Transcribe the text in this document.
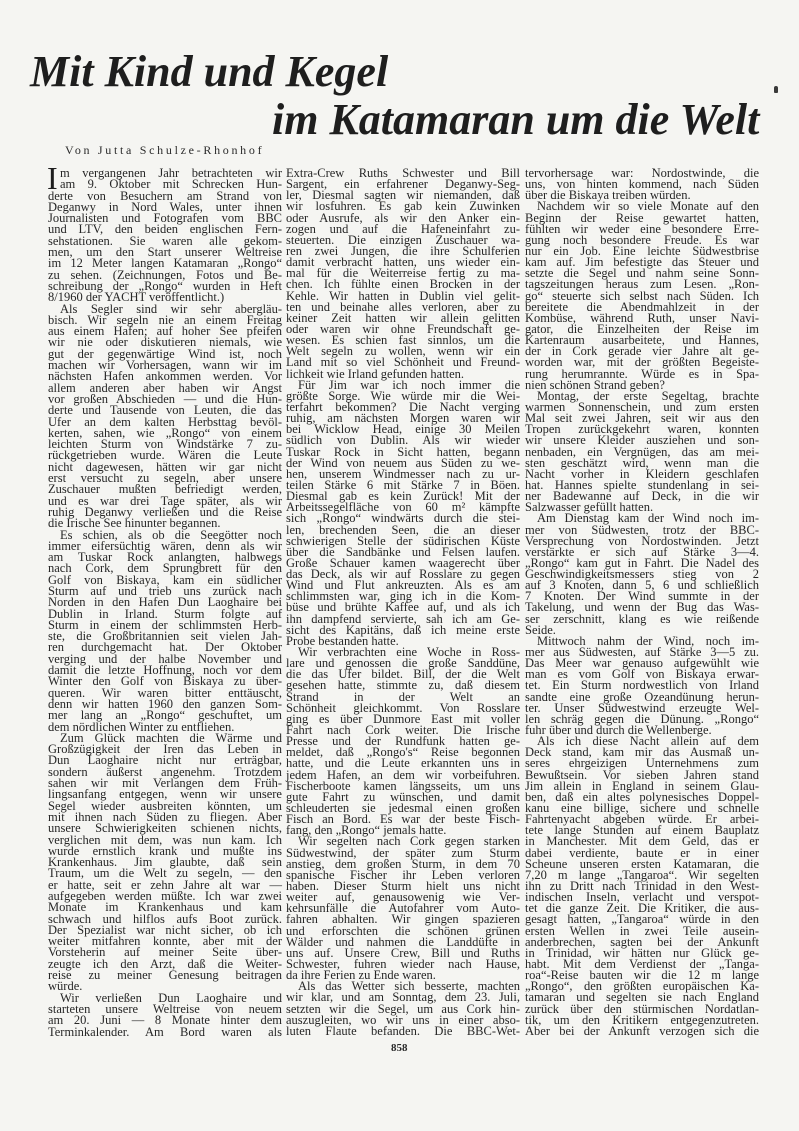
Mit Kind und Kegel
im Katamaran um die Welt
Von Jutta Schulze-Rhonhof
I m vergangenen Jahr betrachteten wir
am 9. Oktober mit Schrecken Hun-
derte von Besuchern am Strand von
Deganwy in Nord Wales, unter ihnen
Journalisten und Fotografen vom BBC
und LTV, den beiden englischen Fern-
sehstationen. Sie waren alle gekom-
men, um den Start unserer Weltreise
im 12 Meter langen Katamaran „Rongo“
zu sehen. (Zeichnungen, Fotos und Be-
schreibung der „Rongo“ wurden in Heft
8/1960 der YACHT veröffentlicht.)
Als Segler sind wir sehr abergläu-
bisch. Wir segeln nie an einem Freitag
aus einem Hafen; auf hoher See pfeifen
wir nie oder diskutieren niemals, wie
gut der gegenwärtige Wind ist, noch
machen wir Vorhersagen, wann wir im
nächsten Hafen ankommen werden. Vor
allem anderen aber haben wir Angst
vor großen Abschieden — und die Hun-
derte und Tausende von Leuten, die das
Ufer an dem kalten Herbsttag bevöl-
kerten, sahen, wie „Rongo“ von einem
leichten Sturm von Windstärke 7 zu-
rückgetrieben wurde. Wären die Leute
nicht dagewesen, hätten wir gar nicht
erst versucht zu segeln, aber unsere
Zuschauer mußten befriedigt werden,
und es war drei Tage später, als wir
ruhig Deganwy verließen und die Reise
die Irische See hinunter begannen.
Es schien, als ob die Seegötter noch
immer eifersüchtig wären, denn als wir
am Tuskar Rock anlangten, halbwegs
nach Cork, dem Sprungbrett für den
Golf von Biskaya, kam ein südlicher
Sturm auf und trieb uns zurück nach
Norden in den Hafen Dun Laoghaire bei
Dublin in Irland. Sturm folgte auf
Sturm in einem der schlimmsten Herb-
ste, die Großbritannien seit vielen Jah-
ren durchgemacht hat. Der Oktober
verging und der halbe November und
damit die letzte Hoffnung, noch vor dem
Winter den Golf von Biskaya zu über-
queren. Wir waren bitter enttäuscht,
denn wir hatten 1960 den ganzen Som-
mer lang an „Rongo“ geschuftet, um
dem nördlichen Winter zu entfliehen.
Zum Glück machten die Wärme und
Großzügigkeit der Iren das Leben in
Dun Laoghaire nicht nur erträgbar,
sondern äußerst angenehm. Trotzdem
sahen wir mit Verlangen dem Früh-
lingsanfang entgegen, wenn wir unsere
Segel wieder ausbreiten könnten, um
mit ihnen nach Süden zu fliegen. Aber
unsere Schwierigkeiten schienen nichts,
verglichen mit dem, was nun kam. Ich
wurde ernstlich krank und mußte ins
Krankenhaus. Jim glaubte, daß sein
Traum, um die Welt zu segeln, — den
er hatte, seit er zehn Jahre alt war —
aufgegeben werden müßte. Ich war zwei
Monate im Krankenhaus und kam
schwach und hilflos aufs Boot zurück.
Der Spezialist war nicht sicher, ob ich
weiter mitfahren konnte, aber mit der
Vorsteherin auf meiner Seite über-
zeugte ich den Arzt, daß die Weiter-
reise zu meiner Genesung beitragen
würde.
Wir verließen Dun Laoghaire und
starteten unsere Weltreise von neuem
am 20. Juni — 8 Monate hinter dem
Terminkalender. Am Bord waren als
Extra-Crew Ruths Schwester und Bill
Sargent, ein erfahrener Deganwy-Seg-
ler, Diesmal sagten wir niemanden, daß
wir losfuhren. Es gab kein Zuwinken
oder Ausrufe, als wir den Anker ein-
zogen und auf die Hafeneinfahrt zu-
steuerten. Die einzigen Zuschauer wa-
ren zwei Jungen, die ihre Schulferien
damit verbracht hatten, uns wieder ein-
mal für die Weiterreise fertig zu ma-
chen. Ich fühlte einen Brocken in der
Kehle. Wir hatten in Dublin viel gelit-
ten und beinahe alles verloren, aber zu
keiner Zeit hatten wir allein gelitten
oder waren wir ohne Freundschaft ge-
wesen. Es schien fast sinnlos, um die
Welt segeln zu wollen, wenn wir ein
Land mit so viel Schönheit und Freund-
lichkeit wie Irland gefunden hatten.
Für Jim war ich noch immer die
größte Sorge. Wie würde mir die Wei-
terfahrt bekommen? Die Nacht verging
ruhig, am nächsten Morgen waren wir
bei Wicklow Head, einige 30 Meilen
südlich von Dublin. Als wir wieder
Tuskar Rock in Sicht hatten, begann
der Wind von neuem aus Süden zu we-
hen, unserem Windmesser nach zu ur-
teilen Stärke 6 mit Stärke 7 in Böen.
Diesmal gab es kein Zurück! Mit der
Arbeitssegelfläche von 60 m² kämpfte
sich „Rongo“ windwärts durch die stei-
len, brechenden Seen, die an dieser
schwierigen Stelle der südirischen Küste
über die Sandbänke und Felsen laufen.
Große Schauer kamen waagerecht über
das Deck, als wir auf Rosslare zu gegen
Wind und Flut ankreuzten. Als es am
schlimmsten war, ging ich in die Kom-
büse und brühte Kaffee auf, und als ich
ihn dampfend servierte, sah ich am Ge-
sicht des Kapitäns, daß ich meine erste
Probe bestanden hatte.
Wir verbrachten eine Woche in Ross-
lare und genossen die große Sanddüne,
die das Ufer bildet. Bill, der die Welt
gesehen hatte, stimmte zu, daß diesem
Strand in der Welt an
Schönheit gleichkommt. Von Rosslare
ging es über Dunmore East mit voller
Fahrt nach Cork weiter. Die Irische
Presse und der Rundfunk hatten ge-
meldet, daß „Rongo's“ Reise begonnen
hatte, und die Leute erkannten uns in
jedem Hafen, an dem wir vorbeifuhren.
Fischerboote kamen längsseits, um uns
gute Fahrt zu wünschen, und damit
schleuderten sie jedesmal einen großen
Fisch an Bord. Es war der beste Fisch-
fang, den „Rongo“ jemals hatte.
Wir segelten nach Cork gegen starken
Südwestwind, der später zum Sturm
anstieg, dem großen Sturm, in dem 70
spanische Fischer ihr Leben verloren
haben. Dieser Sturm hielt uns nicht
weiter auf, genausowenig wie Ver-
kehrsunfälle die Autofahrer vom Auto-
fahren abhalten. Wir gingen spazieren
und erforschten die schönen grünen
Wälder und nahmen die Landdüfte in
uns auf. Unsere Crew, Bill und Ruths
Schwester, fuhren wieder nach Hause,
da ihre Ferien zu Ende waren.
Als das Wetter sich besserte, machten
wir klar, und am Sonntag, dem 23. Juli,
setzten wir die Segel, um aus Cork hin-
auszugleiten, wo wir uns in einer abso-
luten Flaute befanden. Die BBC-Wet-
tervorhersage war: Nordostwinde, die
uns, von hinten kommend, nach Süden
über die Biskaya treiben würden.
Nachdem wir so viele Monate auf den
Beginn der Reise gewartet hatten,
fühlten wir weder eine besondere Erre-
gung noch besondere Freude. Es war
nur ein Job. Eine leichte Südwestbrise
kam auf. Jim befestigte das Steuer und
setzte die Segel und nahm seine Sonn-
tagszeitungen heraus zum Lesen. „Ron-
go“ steuerte sich selbst nach Süden. Ich
bereitete die Abendmahlzeit in der
Kombüse, während Ruth, unser Navi-
gator, die Einzelheiten der Reise im
Kartenraum ausarbeitete, und Hannes,
der in Cork gerade vier Jahre alt ge-
worden war, mit der größten Begeiste-
rung herumrannte. Würde es in Spa-
nien schönen Strand geben?
Montag, der erste Segeltag, brachte
warmen Sonnenschein, und zum ersten
Mal seit zwei Jahren, seit wir aus den
Tropen zurückgekehrt waren, konnten
wir unsere Kleider ausziehen und son-
nenbaden, ein Vergnügen, das am mei-
sten geschätzt wird, wenn man die
Nacht vorher in Kleidern geschlafen
hat. Hannes spielte stundenlang in sei-
ner Badewanne auf Deck, in die wir
Salzwasser gefüllt hatten.
Am Dienstag kam der Wind noch im-
mer von Südwesten, trotz der BBC-
Versprechung von Nordostwinden. Jetzt
verstärkte er sich auf Stärke 3—4.
„Rongo“ kam gut in Fahrt. Die Nadel des
Geschwindigkeitsmessers stieg von 2
auf 3 Knoten, dann 5, 6 und schließlich
7 Knoten. Der Wind summte in der
Takelung, und wenn der Bug das Was-
ser zerschnitt, klang es wie reißende
Seide.
Mittwoch nahm der Wind, noch im-
mer aus Südwesten, auf Stärke 3—5 zu.
Das Meer war genauso aufgewühlt wie
man es vom Golf von Biskaya erwar-
tet. Ein Sturm nordwestlich von Irland
sandte eine große Ozeandünung herun-
ter. Unser Südwestwind erzeugte Wel-
len schräg gegen die Dünung. „Rongo“
fuhr über und durch die Wellenberge.
Als ich diese Nacht allein auf dem
Deck stand, kam mir das Ausmaß un-
seres ehrgeizigen Unternehmens zum
Bewußtsein. Vor sieben Jahren stand
Jim allein in England in seinem Glau-
ben, daß ein altes polynesisches Doppel-
kanu eine billige, sichere und schnelle
Fahrtenyacht abgeben würde. Er arbei-
tete lange Stunden auf einem Bauplatz
in Manchester. Mit dem Geld, das er
dabei verdiente, baute er in einer
Scheune unseren ersten Katamaran, die
7,20 m lange „Tangaroa“. Wir segelten
ihn zu Dritt nach Trinidad in den West-
indischen Inseln, verlacht und verspot-
tet die ganze Zeit. Die Kritiker, die aus-
gesagt hatten, „Tangaroa“ würde in den
ersten Wellen in zwei Teile ausein-
anderbrechen, sagten bei der Ankunft
in Trinidad, wir hätten nur Glück ge-
habt. Mit dem Verdienst der „Tanga-
roa“-Reise bauten wir die 12 m lange
„Rongo“, den größten europäischen Ka-
tamaran und segelten sie nach England
zurück über den stürmischen Nordatlan-
tik, um den Kritikern entgegenzutreten.
Aber bei der Ankunft verzogen sich die
858
